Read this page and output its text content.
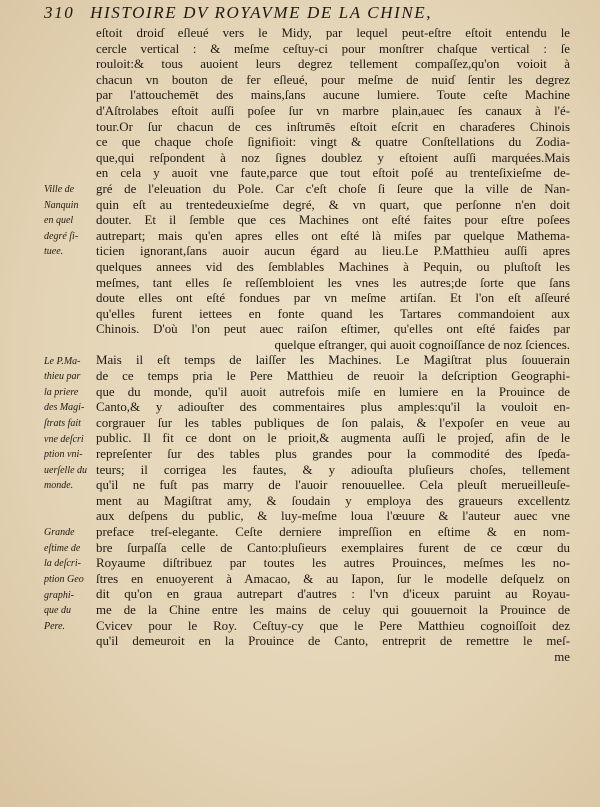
310 HISTOIRE DV ROYAVME DE LA CHINE,
Ville de
Nanquin
en quel
degré ſi-
tuee.
Le P.Ma-
thieu par
la priere
des Magi-
ſtrats fait
vne deſcri
ption vni-
uerſelle du
monde.
Grande
eſtime de
la deſcri-
ption Geo
graphi-
que du
Pere.
eſtoit droiɗ eſleué vers le Midy, par lequel peut-eſtre eſtoit entendu le
cercle vertical : & meſme ceſtuy-ci pour monſtrer chaſque vertical : ſe
rouloit:& tous auoient leurs degrez tellement compaſſez,qu'on voioit à
chacun vn bouton de fer eſleué, pour meſme de nuiɗ ſentir les degrez
par l'attouchemēt des mains,ſans aucune lumiere. Toute ceſte Machine
d'Aſtrolabes eſtoit auſſi poſee ſur vn marbre plain,auec ſes canaux à l'é-
tour.Or ſur chacun de ces inſtrumēs eſtoit eſcrit en charaɗeres Chinois
ce que chaque choſe ſignifioit: vingt & quatre Conſtellations du Zodia-
que,qui reſpondent à noz ſignes doublez y eſtoient auſſi marquées.Mais
en cela y auoit vne faute,parce que tout eſtoit poſé au trenteſixieſme de-
gré de l'eleuation du Pole. Car c'eſt choſe ſi ſeure que la ville de Nan-
quin eſt au trentedeuxieſme degré, & vn quart, que perſonne n'en doit
douter. Et il ſemble que ces Machines ont eſté faites pour eſtre poſees
autrepart; mais qu'en apres elles ont eſté là miſes par quelque Mathema-
ticien ignorant,ſans auoir aucun égard au lieu.Le P.Matthieu auſſi apres
quelques annees vid des ſemblables Machines à Pequin, ou pluſtoſt les
meſmes, tant elles ſe reſſembloient les vnes les autres;de ſorte que ſans
doute elles ont eſté fondues par vn meſme artiſan. Et l'on eſt aſſeuré
qu'elles furent iettees en fonte quand les Tartares commandoient aux
Chinois. D'où l'on peut auec raiſon eſtimer, qu'elles ont eſté faiɗes par
quelque eſtranger, qui auoit cognoiſſance de noz ſciences.
Mais il eſt temps de laiſſer les Machines. Le Magiſtrat plus ſouuerain
de ce temps pria le Pere Matthieu de reuoir la deſcription Geographi-
que du monde, qu'il auoit autrefois miſe en lumiere en la Prouince de
Canto,& y adiouſter des commentaires plus amples:qu'il la vouloit en-
corgrauer ſur les tables publiques de ſon palais, & l'expoſer en veue au
public. Il fit ce dont on le prioit,& augmenta auſſi le projeɗ, afin de le
repreſenter ſur des tables plus grandes pour la commodité des ſpeɗa-
teurs; il corrigea les fautes, & y adiouſta pluſieurs choſes, tellement
qu'il ne fuſt pas marry de l'auoir renouuellee. Cela pleuſt merueilleuſe-
ment au Magiſtrat amy, & ſoudain y employa des graueurs excellentz
aux deſpens du public, & luy-meſme loua l'œuure & l'auteur auec vne
preface treſ-elegante. Ceſte derniere impreſſion en eſtime & en nom-
bre ſurpaſſa celle de Canto:pluſieurs exemplaires furent de ce cœur du
Royaume diſtribuez par toutes les autres Prouinces, meſmes les no-
ſtres en enuoyerent à Amacao, & au Iapon, ſur le modelle deſquelz on
dit qu'on en graua autrepart d'autres : l'vn d'iceux paruint au Royau-
me de la Chine entre les mains de celuy qui gouuernoit la Prouince de
Cvicev pour le Roy. Ceſtuy-cy que le Pere Matthieu cognoiſſoit dez
qu'il demeuroit en la Prouince de Canto, entreprit de remettre le meſ-
me
